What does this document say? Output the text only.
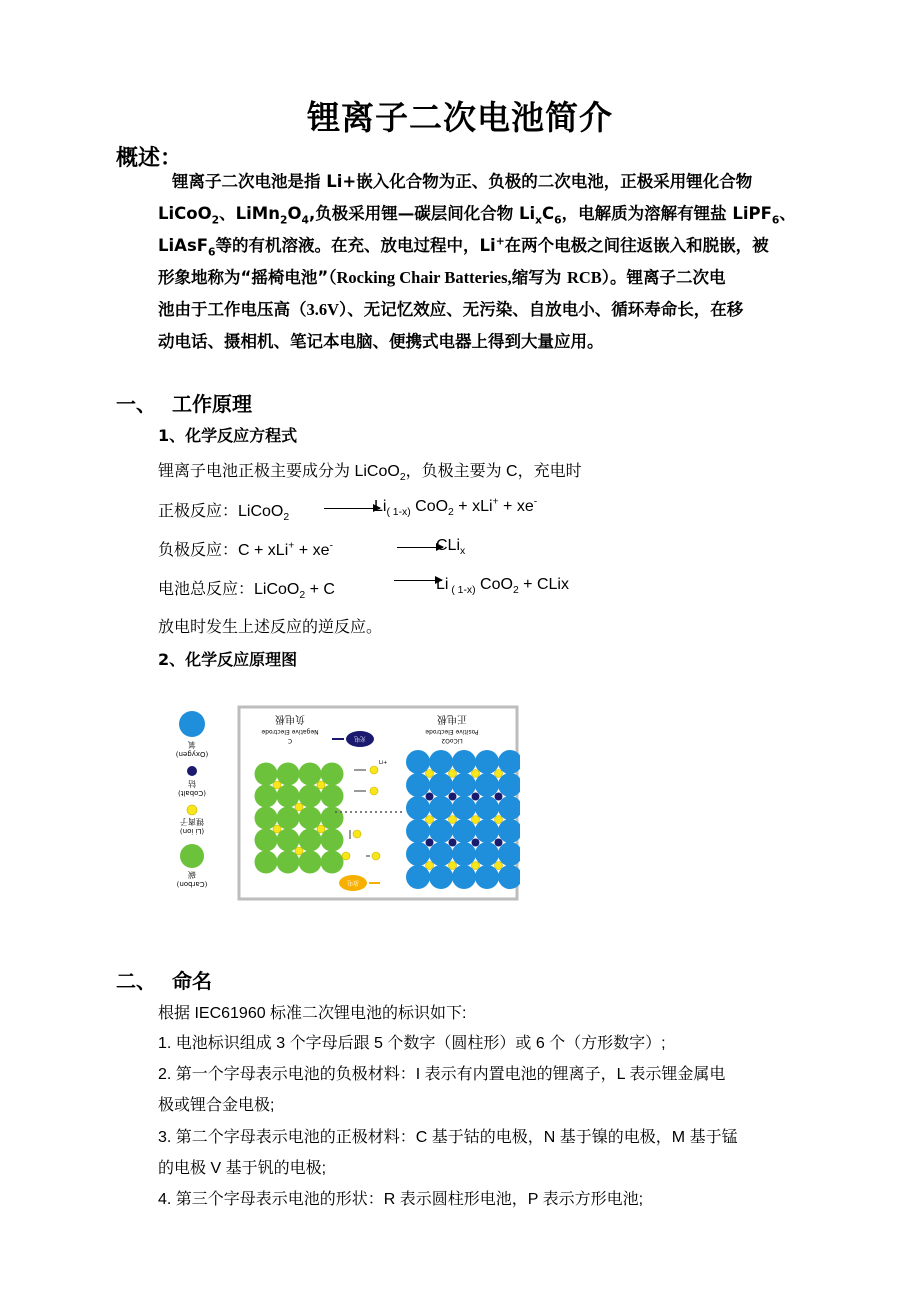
锂离子二次电池简介
概述：
锂离子二次电池是指 Li+嵌入化合物为正、负极的二次电池，正极采用锂化合物
LiCoO$_2$、$LiMn_2O_4$,负极采用锂—碳层间化合物 $Li_xC_6$，电解质为溶解有锂盐 LiPF$_6$、
LiAsF$_6$等的有机溶液。在充、放电过程中，Li+在两个电极之间往返嵌入和脱嵌，被
形象地称为“摇椅电池”（Rocking Chair Batteries,缩写为 RCB）。锂离子二次电
池由于工作电压高（3.6V）、无记忆效应、无污染、自放电小、循环寿命长，在移
动电话、摄相机、笔记本电脑、便携式电器上得到大量应用。
一、 工作原理
1、化学反应方程式
锂离子电池正极主要成分为 LiCoO$_2$，负极主要为 C，充电时
正极反应：LiCoO$_2$
$Li_{( 1-x)}$ CoO$_2$ + xLi+ + xe-
负极反应：C + xLi+ + xe-	CLi$_x$
电池总反应：LiCoO$_2$ + C	Li $_{( 1-x)}$ CoO$_2$ + CLix
放电时发生上述反应的逆反应。
2、化学反应原理图
氧
(Oxygen)
钴
(Cobalt)
锂离子
(Li ion)
碳
(Carbon)
负电极
Negative Electrode
C
正电极
Positive Electrode
LiCoO2
充电
放电
Li+
二、 命名
根据 IEC61960 标准二次锂电池的标识如下:
1. 电池标识组成 3 个字母后跟 5 个数字（圆柱形）或 6 个（方形数字）;
2. 第一个字母表示电池的负极材料：I 表示有内置电池的锂离子，L 表示锂金属电
极或锂合金电极;
3. 第二个字母表示电池的正极材料：C 基于钴的电极，N 基于镍的电极，M 基于锰
的电极 V 基于钒的电极;
4. 第三个字母表示电池的形状：R 表示圆柱形电池，P 表示方形电池;
